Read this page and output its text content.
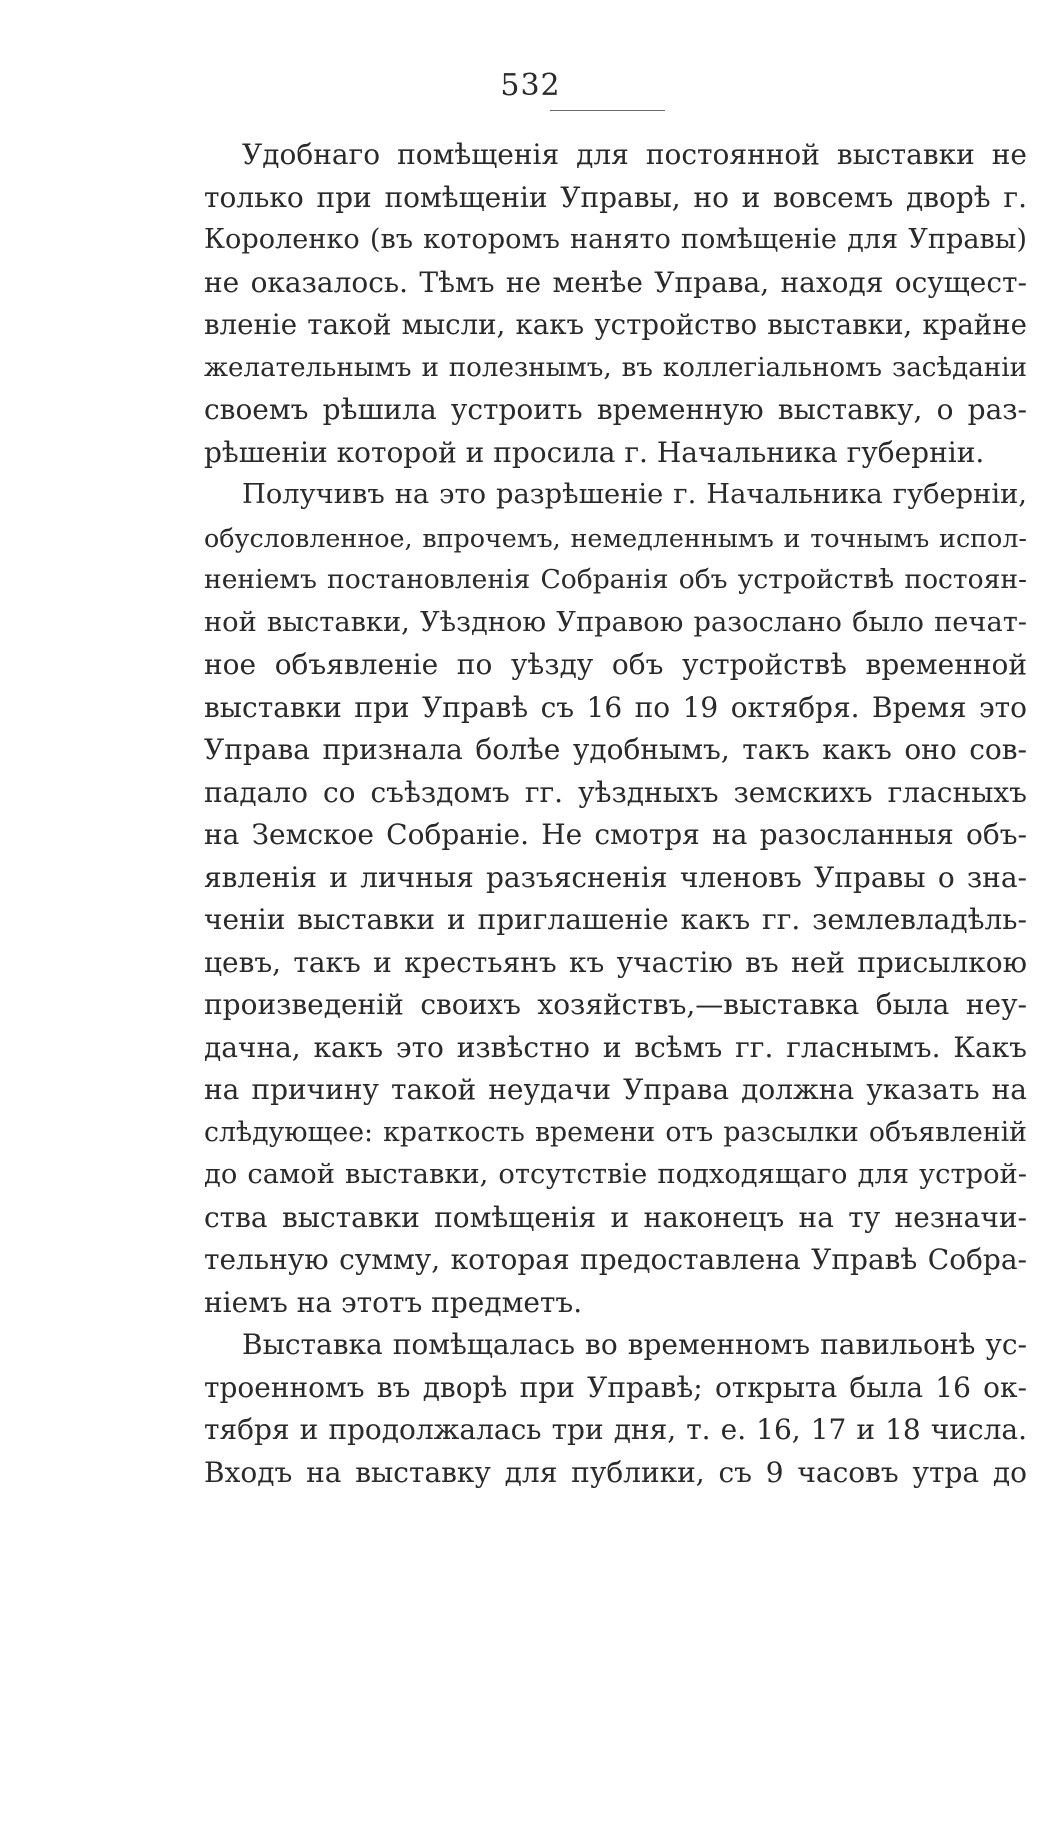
532
Удобнаго помѣщенія для постоянной выставки не
только при помѣщеніи Управы, но и вовсемъ дворѣ г.
Короленко (въ которомъ нанято помѣщеніе для Управы)
не оказалось. Тѣмъ не менѣе Управа, находя осущест-
вленіе такой мысли, какъ устройство выставки, крайне
желательнымъ и полезнымъ, въ коллегіальномъ засѣданіи
своемъ рѣшила устроить временную выставку, о раз-
рѣшеніи которой и просила г. Начальника губерніи.
Получивъ на это разрѣшеніе г. Начальника губерніи,
обусловленное, впрочемъ, немедленнымъ и точнымъ испол-
неніемъ постановленія Собранія объ устройствѣ постоян-
ной выставки, Уѣздною Управою разослано было печат-
ное объявленіе по уѣзду объ устройствѣ временной
выставки при Управѣ съ 16 по 19 октября. Время это
Управа признала болѣе удобнымъ, такъ какъ оно сов-
падало со съѣздомъ гг. уѣздныхъ земскихъ гласныхъ
на Земское Собраніе. Не смотря на разосланныя объ-
явленія и личныя разъясненія членовъ Управы о зна-
ченіи выставки и приглашеніе какъ гг. землевладѣль-
цевъ, такъ и крестьянъ къ участію въ ней присылкою
произведеній своихъ хозяйствъ,—выставка была неу-
дачна, какъ это извѣстно и всѣмъ гг. гласнымъ. Какъ
на причину такой неудачи Управа должна указать на
слѣдующее: краткость времени отъ разсылки объявленій
до самой выставки, отсутствіе подходящаго для устрой-
ства выставки помѣщенія и наконецъ на ту незначи-
тельную сумму, которая предоставлена Управѣ Собра-
ніемъ на этотъ предметъ.
Выставка помѣщалась во временномъ павильонѣ ус-
троенномъ въ дворѣ при Управѣ; открыта была 16 ок-
тября и продолжалась три дня, т. е. 16, 17 и 18 числа.
Входъ на выставку для публики, съ 9 часовъ утра до
